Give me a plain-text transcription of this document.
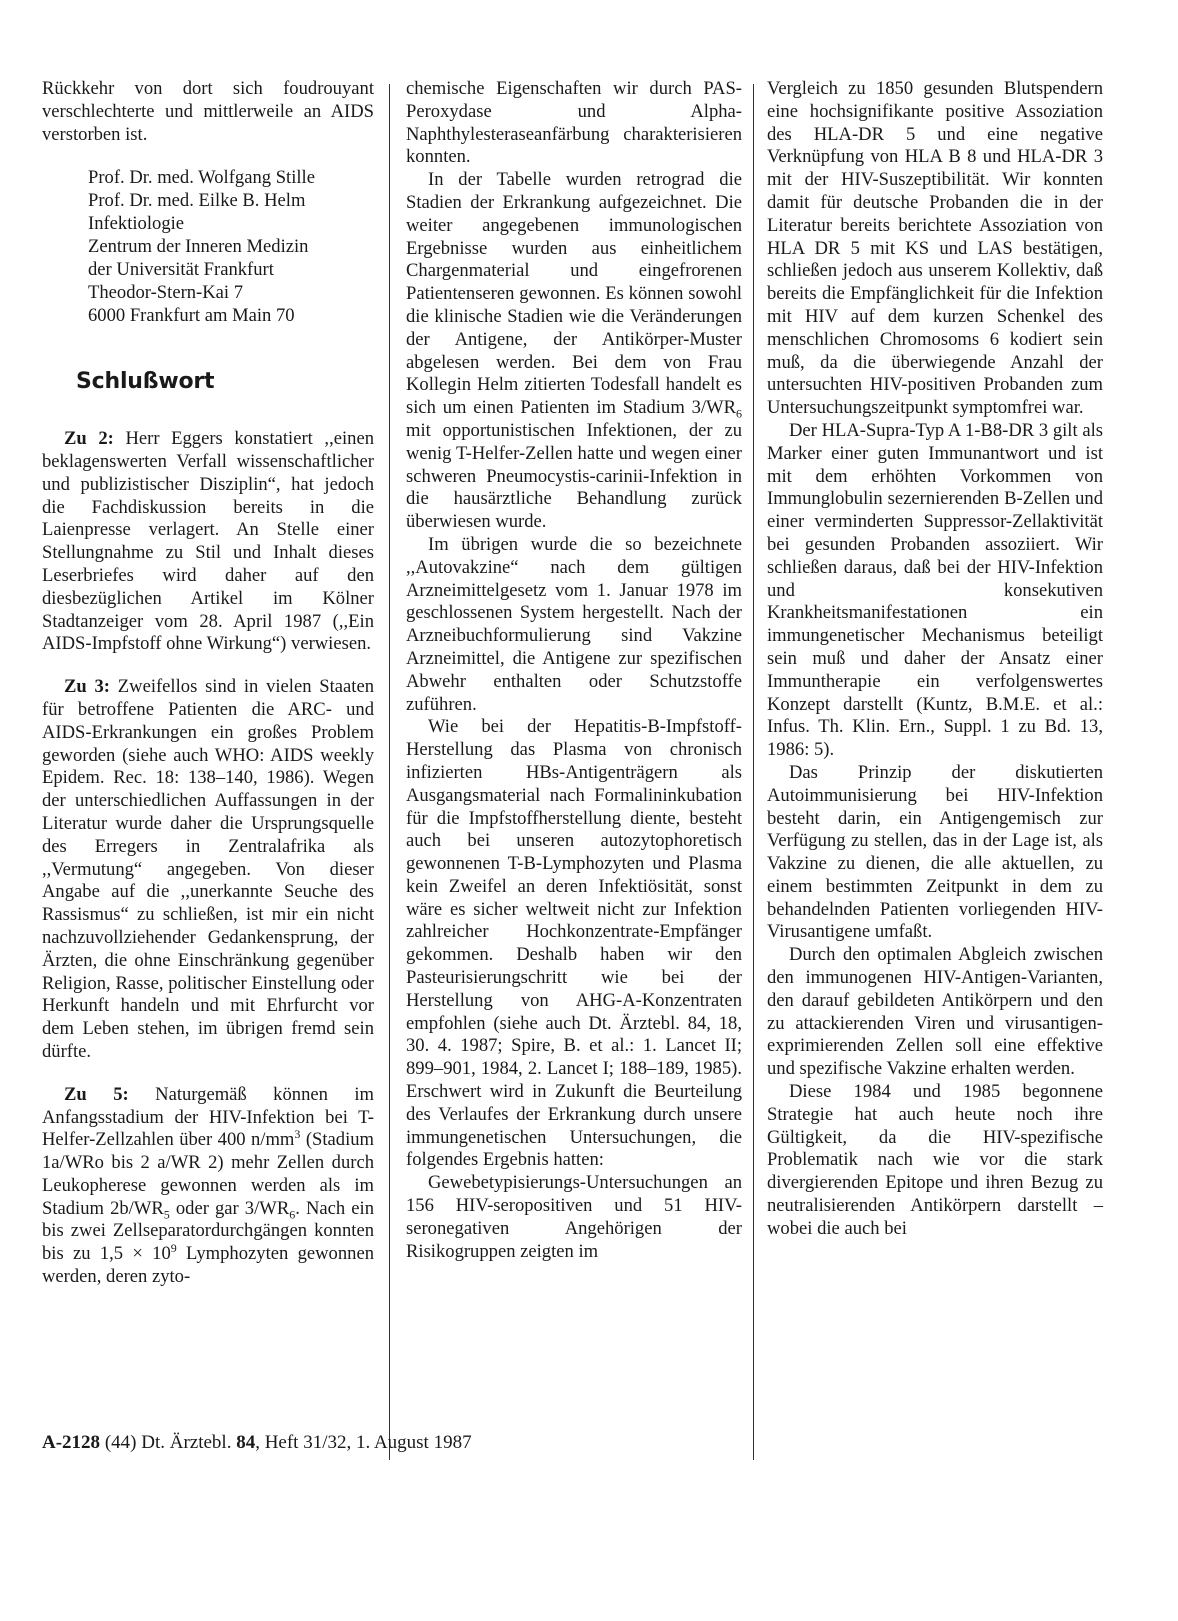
Rückkehr von dort sich foudrouyant verschlechterte und mittlerweile an AIDS verstorben ist.

Prof. Dr. med. Wolfgang Stille
Prof. Dr. med. Eilke B. Helm
Infektiologie
Zentrum der Inneren Medizin
der Universität Frankfurt
Theodor-Stern-Kai 7
6000 Frankfurt am Main 70
Schlußwort

Zu 2: Herr Eggers konstatiert ,,einen beklagenswerten Verfall wissenschaftlicher und publizistischer Disziplin“, hat jedoch die Fachdiskussion bereits in die Laienpresse verlagert. An Stelle einer Stellungnahme zu Stil und Inhalt dieses Leserbriefes wird daher auf den diesbezüglichen Artikel im Kölner Stadtanzeiger vom 28. April 1987 (,,Ein AIDS-Impfstoff ohne Wirkung“) verwiesen.

Zu 3: Zweifellos sind in vielen Staaten für betroffene Patienten die ARC- und AIDS-Erkrankungen ein großes Problem geworden (siehe auch WHO: AIDS weekly Epidem. Rec. 18: 138–140, 1986). Wegen der unterschiedlichen Auffassungen in der Literatur wurde daher die Ursprungsquelle des Erregers in Zentralafrika als ,,Vermutung“ angegeben. Von dieser Angabe auf die ,,unerkannte Seuche des Rassismus“ zu schließen, ist mir ein nicht nachzuvollziehender Gedankensprung, der Ärzten, die ohne Einschränkung gegenüber Religion, Rasse, politischer Einstellung oder Herkunft handeln und mit Ehrfurcht vor dem Leben stehen, im übrigen fremd sein dürfte.

Zu 5: Naturgemäß können im Anfangsstadium der HIV-Infektion bei T-Helfer-Zellzahlen über 400 $n/mm^3$ (Stadium 1a/WRo bis 2 a/WR 2) mehr Zellen durch Leukopherese gewonnen werden als im Stadium $2b/WR_5$ oder gar $3/WR_6$. Nach ein bis zwei Zellseparatordurchgängen konnten bis zu $1,5 \times 10^9$ Lymphozyten gewonnen werden, deren zyto-

chemische Eigenschaften wir durch PAS-Peroxydase und Alpha-Naphthylesteraseanfärbung charakterisieren konnten.

In der Tabelle wurden retrograd die Stadien der Erkrankung aufgezeichnet. Die weiter angegebenen immunologischen Ergebnisse wurden aus einheitlichem Chargenmaterial und eingefrorenen Patientenseren gewonnen. Es können sowohl die klinische Stadien wie die Veränderungen der Antigene, der Antikörper-Muster abgelesen werden. Bei dem von Frau Kollegin Helm zitierten Todesfall handelt es sich um einen Patienten im Stadium $3/WR_6$ mit opportunistischen Infektionen, der zu wenig T-Helfer-Zellen hatte und wegen einer schweren Pneumocystis-carinii-Infektion in die hausärztliche Behandlung zurück überwiesen wurde.

Im übrigen wurde die so bezeichnete ,,Autovakzine“ nach dem gültigen Arzneimittelgesetz vom 1. Januar 1978 im geschlossenen System hergestellt. Nach der Arzneibuchformulierung sind Vakzine Arzneimittel, die Antigene zur spezifischen Abwehr enthalten oder Schutzstoffe zuführen.

Wie bei der Hepatitis-B-Impfstoff-Herstellung das Plasma von chronisch infizierten HBs-Antigenträgern als Ausgangsmaterial nach Formalininkubation für die Impfstoffherstellung diente, besteht auch bei unseren autozytophoretisch gewonnenen T-B-Lymphozyten und Plasma kein Zweifel an deren Infektiösität, sonst wäre es sicher weltweit nicht zur Infektion zahlreicher Hochkonzentrate-Empfänger gekommen. Deshalb haben wir den Pasteurisierungschritt wie bei der Herstellung von AHG-A-Konzentraten empfohlen (siehe auch Dt. Ärztebl. 84, 18, 30. 4. 1987; Spire, B. et al.: 1. Lancet II; 899–901, 1984, 2. Lancet I; 188–189, 1985). Erschwert wird in Zukunft die Beurteilung des Verlaufes der Erkrankung durch unsere immungenetischen Untersuchungen, die folgendes Ergebnis hatten:

Gewebetypisierungs-Untersuchungen an 156 HIV-seropositiven und 51 HIV-seronegativen Angehörigen der Risikogruppen zeigten im

Vergleich zu 1850 gesunden Blutspendern eine hochsignifikante positive Assoziation des HLA-DR 5 und eine negative Verknüpfung von HLA B 8 und HLA-DR 3 mit der HIV-Suszeptibilität. Wir konnten damit für deutsche Probanden die in der Literatur bereits berichtete Assoziation von HLA DR 5 mit KS und LAS bestätigen, schließen jedoch aus unserem Kollektiv, daß bereits die Empfänglichkeit für die Infektion mit HIV auf dem kurzen Schenkel des menschlichen Chromosoms 6 kodiert sein muß, da die überwiegende Anzahl der untersuchten HIV-positiven Probanden zum Untersuchungszeitpunkt symptomfrei war.

Der HLA-Supra-Typ A 1-B8-DR 3 gilt als Marker einer guten Immunantwort und ist mit dem erhöhten Vorkommen von Immunglobulin sezernierenden B-Zellen und einer verminderten Suppressor-Zellaktivität bei gesunden Probanden assoziiert. Wir schließen daraus, daß bei der HIV-Infektion und konsekutiven Krankheitsmanifestationen ein immungenetischer Mechanismus beteiligt sein muß und daher der Ansatz einer Immuntherapie ein verfolgenswertes Konzept darstellt (Kuntz, B.M.E. et al.: Infus. Th. Klin. Ern., Suppl. 1 zu Bd. 13, 1986: 5).

Das Prinzip der diskutierten Autoimmunisierung bei HIV-Infektion besteht darin, ein Antigengemisch zur Verfügung zu stellen, das in der Lage ist, als Vakzine zu dienen, die alle aktuellen, zu einem bestimmten Zeitpunkt in dem zu behandelnden Patienten vorliegenden HIV-Virusantigene umfaßt.

Durch den optimalen Abgleich zwischen den immunogenen HIV-Antigen-Varianten, den darauf gebildeten Antikörpern und den zu attackierenden Viren und virusantigen-exprimierenden Zellen soll eine effektive und spezifische Vakzine erhalten werden.

Diese 1984 und 1985 begonnene Strategie hat auch heute noch ihre Gültigkeit, da die HIV-spezifische Problematik nach wie vor die stark divergierenden Epitope und ihren Bezug zu neutralisierenden Antikörpern darstellt – wobei die auch bei

A-2128 (44) Dt. Ärztebl. 84, Heft 31/32, 1. August 1987
